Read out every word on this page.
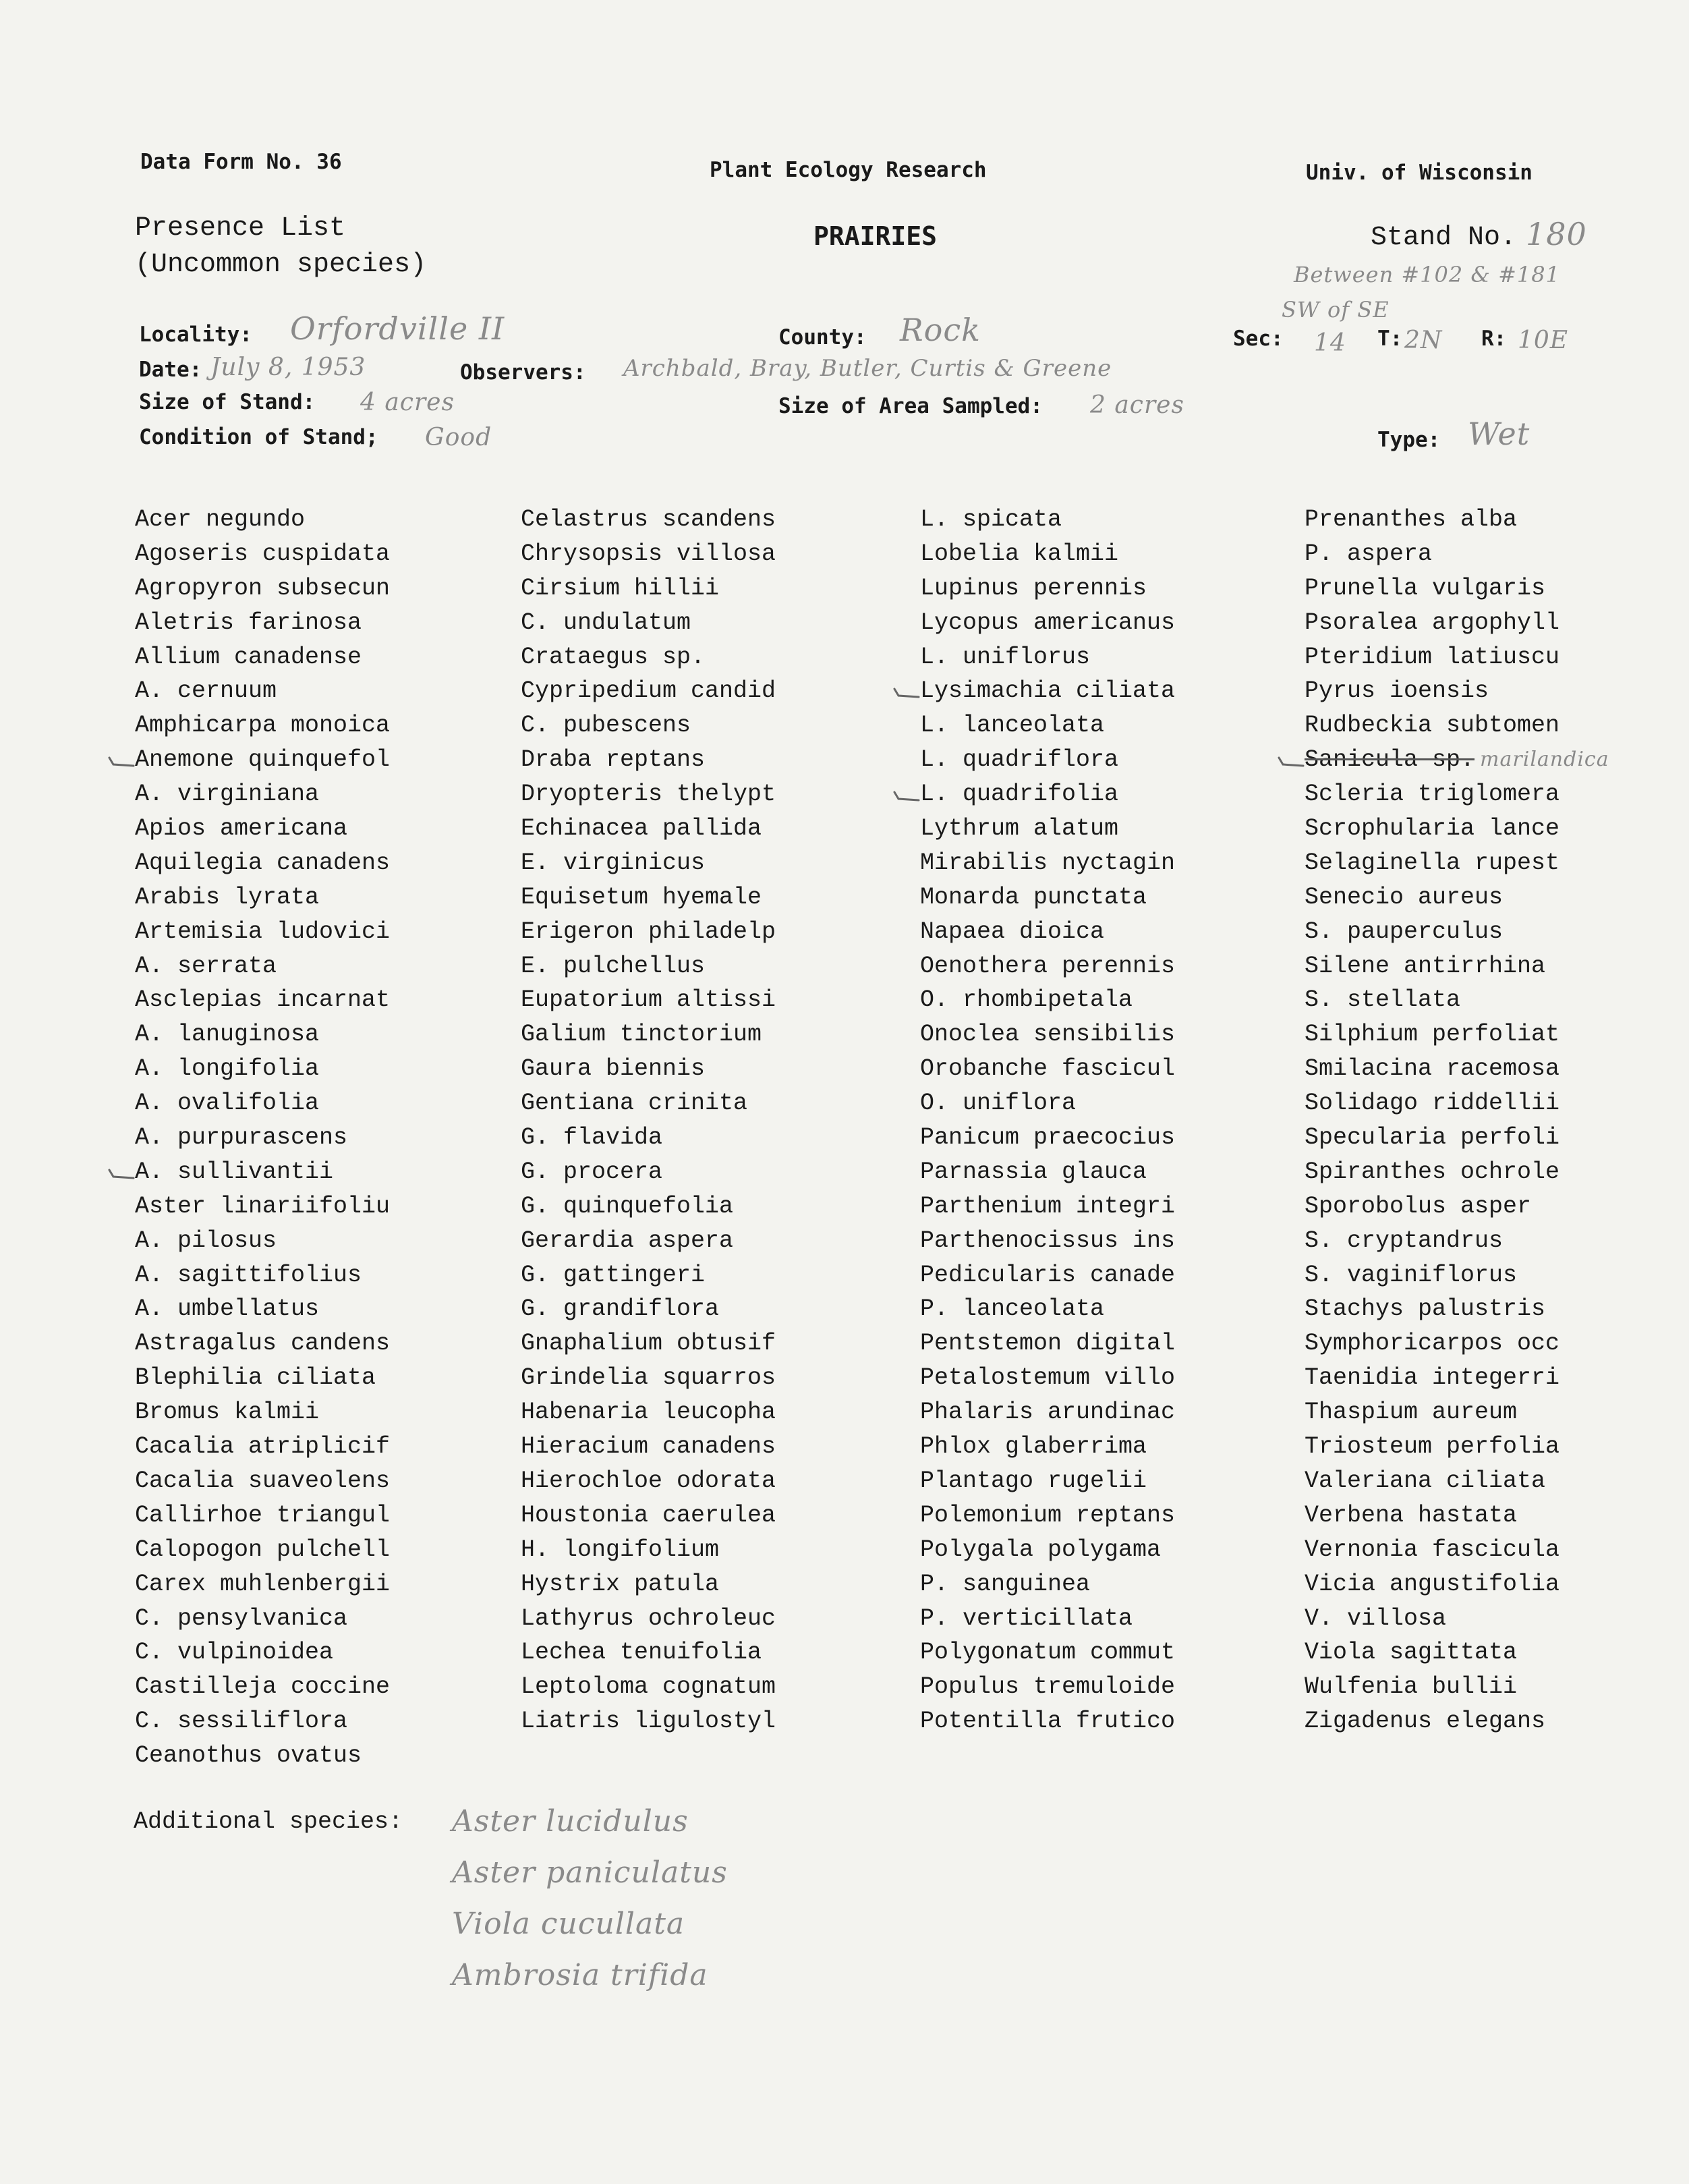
Data Form No. 36	Plant Ecology Research	Univ. of Wisconsin
Presence List
(Uncommon species)
PRAIRIES	Stand No. 180
Between #102 & #181
SW of SE
Locality: Orfordville II	County: Rock	Sec: 14 T: 2N R: 10E
Date: July 8, 1953	Observers: Archbald, Bray, Butler, Curtis & Greene
Size of Stand: 4 acres	Size of Area Sampled: 2 acres
Condition of Stand; Good	Type: Wet
Acer negundo
Agoseris cuspidata
Agropyron subsecun
Aletris farinosa
Allium canadense
A. cernuum
Amphicarpa monoica
Anemone quinquefol
A. virginiana
Apios americana
Aquilegia canadens
Arabis lyrata
Artemisia ludovici
A. serrata
Asclepias incarnat
A. lanuginosa
A. longifolia
A. ovalifolia
A. purpurascens
A. sullivantii
Aster linariifoliu
A. pilosus
A. sagittifolius
A. umbellatus
Astragalus candens
Blephilia ciliata
Bromus kalmii
Cacalia atriplicif
Cacalia suaveolens
Callirhoe triangul
Calopogon pulchell
Carex muhlenbergii
C. pensylvanica
C. vulpinoidea
Castilleja coccine
C. sessiliflora
Ceanothus ovatus
Celastrus scandens
Chrysopsis villosa
Cirsium hillii
C. undulatum
Crataegus sp.
Cypripedium candid
C. pubescens
Draba reptans
Dryopteris thelypt
Echinacea pallida
E. virginicus
Equisetum hyemale
Erigeron philadelp
E. pulchellus
Eupatorium altissi
Galium tinctorium
Gaura biennis
Gentiana crinita
G. flavida
G. procera
G. quinquefolia
Gerardia aspera
G. gattingeri
G. grandiflora
Gnaphalium obtusif
Grindelia squarros
Habenaria leucopha
Hieracium canadens
Hierochloe odorata
Houstonia caerulea
H. longifolium
Hystrix patula
Lathyrus ochroleuc
Lechea tenuifolia
Leptoloma cognatum
Liatris ligulostyl
L. spicata
Lobelia kalmii
Lupinus perennis
Lycopus americanus
L. uniflorus
Lysimachia ciliata
L. lanceolata
L. quadriflora
L. quadrifolia
Lythrum alatum
Mirabilis nyctagin
Monarda punctata
Napaea dioica
Oenothera perennis
O. rhombipetala
Onoclea sensibilis
Orobanche fascicul
O. uniflora
Panicum praecocius
Parnassia glauca
Parthenium integri
Parthenocissus ins
Pedicularis canade
P. lanceolata
Pentstemon digital
Petalostemum villo
Phalaris arundinac
Phlox glaberrima
Plantago rugelii
Polemonium reptans
Polygala polygama
P. sanguinea
P. verticillata
Polygonatum commut
Populus tremuloide
Potentilla frutico
Prenanthes alba
P. aspera
Prunella vulgaris
Psoralea argophyll
Pteridium latiuscu
Pyrus ioensis
Rudbeckia subtomen
Sanicula sp. marilandica
Scleria triglomera
Scrophularia lance
Selaginella rupest
Senecio aureus
S. pauperculus
Silene antirrhina
S. stellata
Silphium perfoliat
Smilacina racemosa
Solidago riddellii
Specularia perfoli
Spiranthes ochrole
Sporobolus asper
S. cryptandrus
S. vaginiflorus
Stachys palustris
Symphoricarpos occ
Taenidia integerri
Thaspium aureum
Triosteum perfolia
Valeriana ciliata
Verbena hastata
Vernonia fascicula
Vicia angustifolia
V. villosa
Viola sagittata
Wulfenia bullii
Zigadenus elegans
Additional species: Aster lucidulus
Aster paniculatus
Viola cucullata
Ambrosia trifida
